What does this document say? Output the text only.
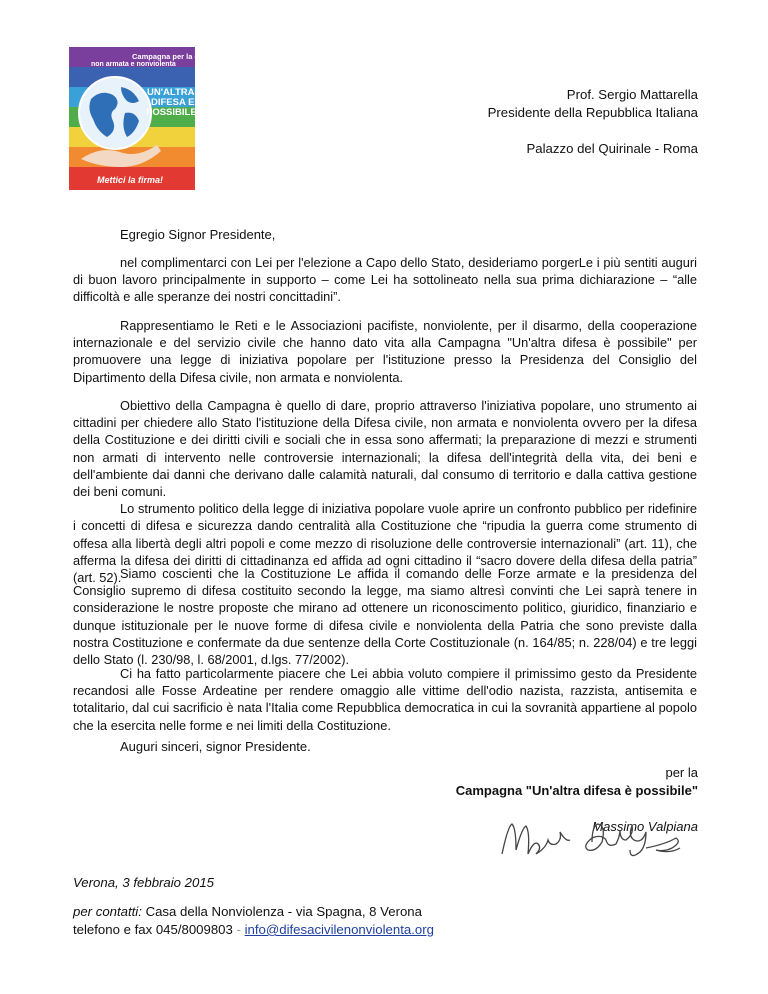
Campagna per la difesa civile
non armata e nonviolenta
UN'ALTRA
DIFESA E'
POSSIBILE
Mettici la firma!
Prof. Sergio Mattarella
Presidente della Repubblica Italiana
Palazzo del Quirinale - Roma
Egregio Signor Presidente,

nel complimentarci con Lei per l'elezione a Capo dello Stato, desideriamo porgerLe i più sentiti auguri di buon lavoro principalmente in supporto – come Lei ha sottolineato nella sua prima dichiarazione – “alle difficoltà e alle speranze dei nostri concittadini”.

Rappresentiamo le Reti e le Associazioni pacifiste, nonviolente, per il disarmo, della cooperazione internazionale e del servizio civile che hanno dato vita alla Campagna "Un'altra difesa è possibile" per promuovere una legge di iniziativa popolare per l'istituzione presso la Presidenza del Consiglio del Dipartimento della Difesa civile, non armata e nonviolenta.

Obiettivo della Campagna è quello di dare, proprio attraverso l'iniziativa popolare, uno strumento ai cittadini per chiedere allo Stato l'istituzione della Difesa civile, non armata e nonviolenta ovvero per la difesa della Costituzione e dei diritti civili e sociali che in essa sono affermati; la preparazione di mezzi e strumenti non armati di intervento nelle controversie internazionali; la difesa dell'integrità della vita, dei beni e dell'ambiente dai danni che derivano dalle calamità naturali, dal consumo di territorio e dalla cattiva gestione dei beni comuni.

Lo strumento politico della legge di iniziativa popolare vuole aprire un confronto pubblico per ridefinire i concetti di difesa e sicurezza dando centralità alla Costituzione che “ripudia la guerra come strumento di offesa alla libertà degli altri popoli e come mezzo di risoluzione delle controversie internazionali” (art. 11), che afferma la difesa dei diritti di cittadinanza ed affida ad ogni cittadino il “sacro dovere della difesa della patria” (art. 52).

Siamo coscienti che la Costituzione Le affida il comando delle Forze armate e la presidenza del Consiglio supremo di difesa costituito secondo la legge, ma siamo altresì convinti che Lei saprà tenere in considerazione le nostre proposte che mirano ad ottenere un riconoscimento politico, giuridico, finanziario e dunque istituzionale per le nuove forme di difesa civile e nonviolenta della Patria che sono previste dalla nostra Costituzione e confermate da due sentenze della Corte Costituzionale (n. 164/85; n. 228/04) e tre leggi dello Stato (l. 230/98, l. 68/2001, d.lgs. 77/2002).

Ci ha fatto particolarmente piacere che Lei abbia voluto compiere il primissimo gesto da Presidente recandosi alle Fosse Ardeatine per rendere omaggio alle vittime dell'odio nazista, razzista, antisemita e totalitario, dal cui sacrificio è nata l'Italia come Repubblica democratica in cui la sovranità appartiene al popolo che la esercita nelle forme e nei limiti della Costituzione.

Auguri sinceri, signor Presidente.
per la
Campagna "Un'altra difesa è possibile"
Massimo Valpiana
Verona, 3 febbraio 2015
per contatti: Casa della Nonviolenza - via Spagna, 8 Verona
telefono e fax 045/8009803 - info@difesacivilenonviolenta.org
